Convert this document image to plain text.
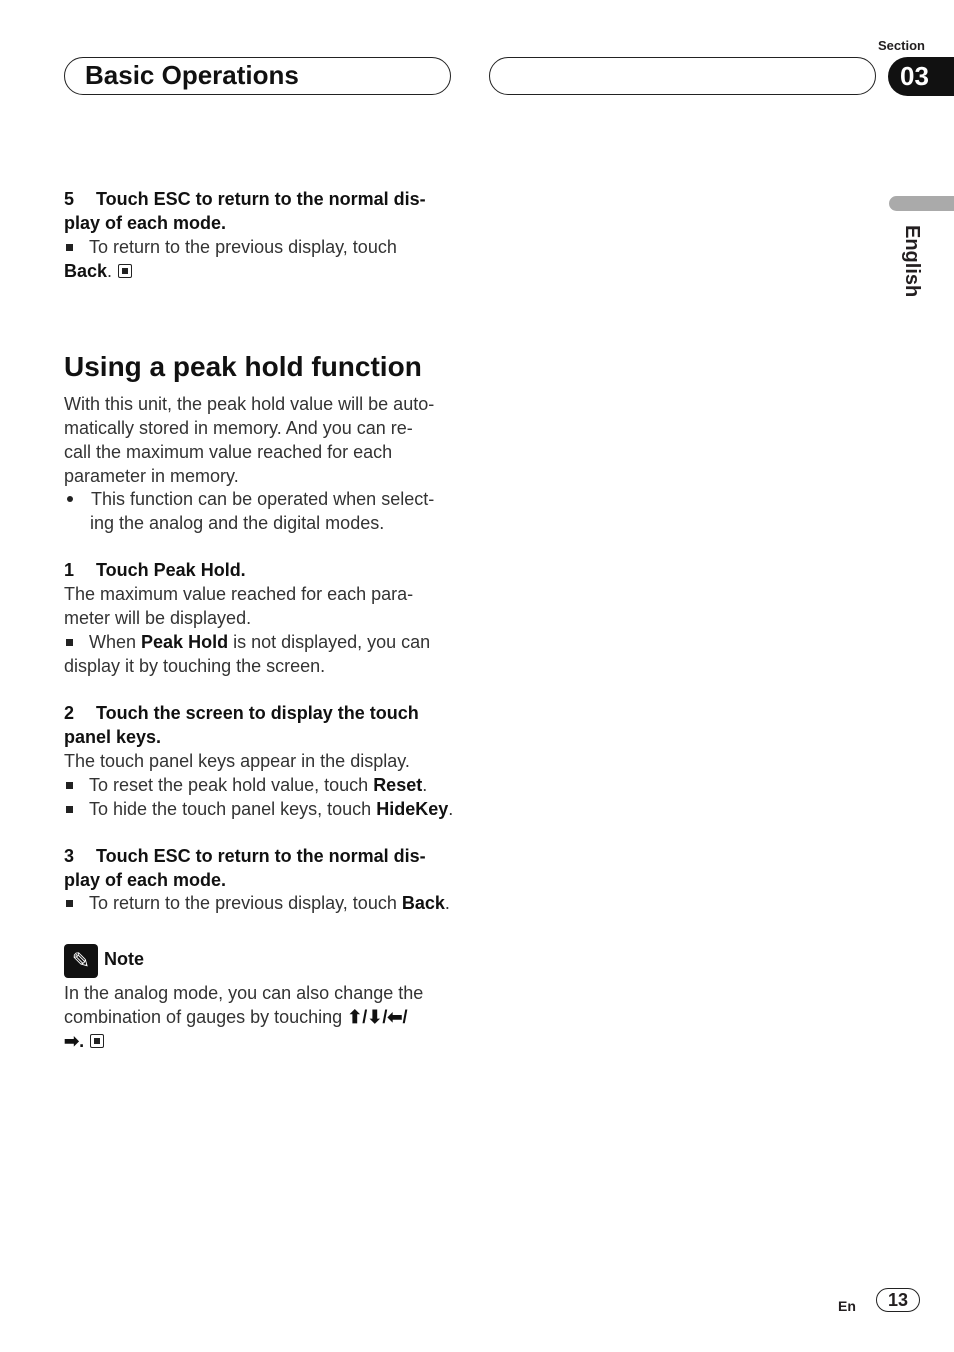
Basic Operations
Section
03
English
5 Touch ESC to return to the normal dis-
play of each mode.
To return to the previous display, touch
Back.
Using a peak hold function
With this unit, the peak hold value will be auto-
matically stored in memory. And you can re-
call the maximum value reached for each
parameter in memory.
This function can be operated when select-
ing the analog and the digital modes.
1 Touch Peak Hold.
The maximum value reached for each para-
meter will be displayed.
When Peak Hold is not displayed, you can
display it by touching the screen.
2 Touch the screen to display the touch
panel keys.
The touch panel keys appear in the display.
To reset the peak hold value, touch Reset.
To hide the touch panel keys, touch HideKey.
3 Touch ESC to return to the normal dis-
play of each mode.
To return to the previous display, touch Back.
✎ Note
In the analog mode, you can also change the
combination of gauges by touching ⬆/⬇/⬅/
➡.
En	13
